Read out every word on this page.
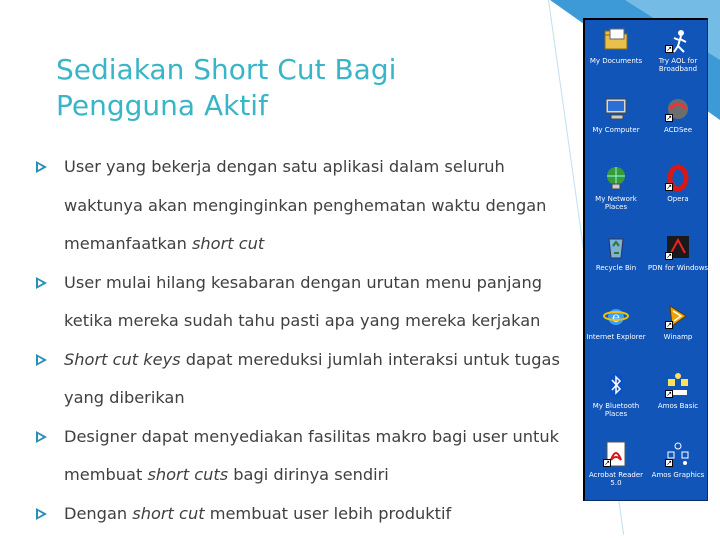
Sediakan Short Cut Bagi
Pengguna Aktif
User yang bekerja dengan satu aplikasi dalam seluruh
waktunya akan menginginkan penghematan waktu dengan
memanfaatkan short cut
User mulai hilang kesabaran dengan urutan menu panjang
ketika mereka sudah tahu pasti apa yang mereka kerjakan
Short cut keys dapat mereduksi jumlah interaksi untuk tugas
yang diberikan
Designer dapat menyediakan fasilitas makro bagi user untuk
membuat short cuts bagi dirinya sendiri
Dengan short cut membuat user lebih produktif
My Documents
↗
Try AOL for Broadband
My Computer
↗
ACDSee
My Network Places
↗
Opera
Recycle Bin
↗
PDN for Windows
e
Internet Explorer
↗
Winamp
My Bluetooth Places
↗
Amos Basic
↗
Acrobat Reader 5.0
↗
Amos Graphics
